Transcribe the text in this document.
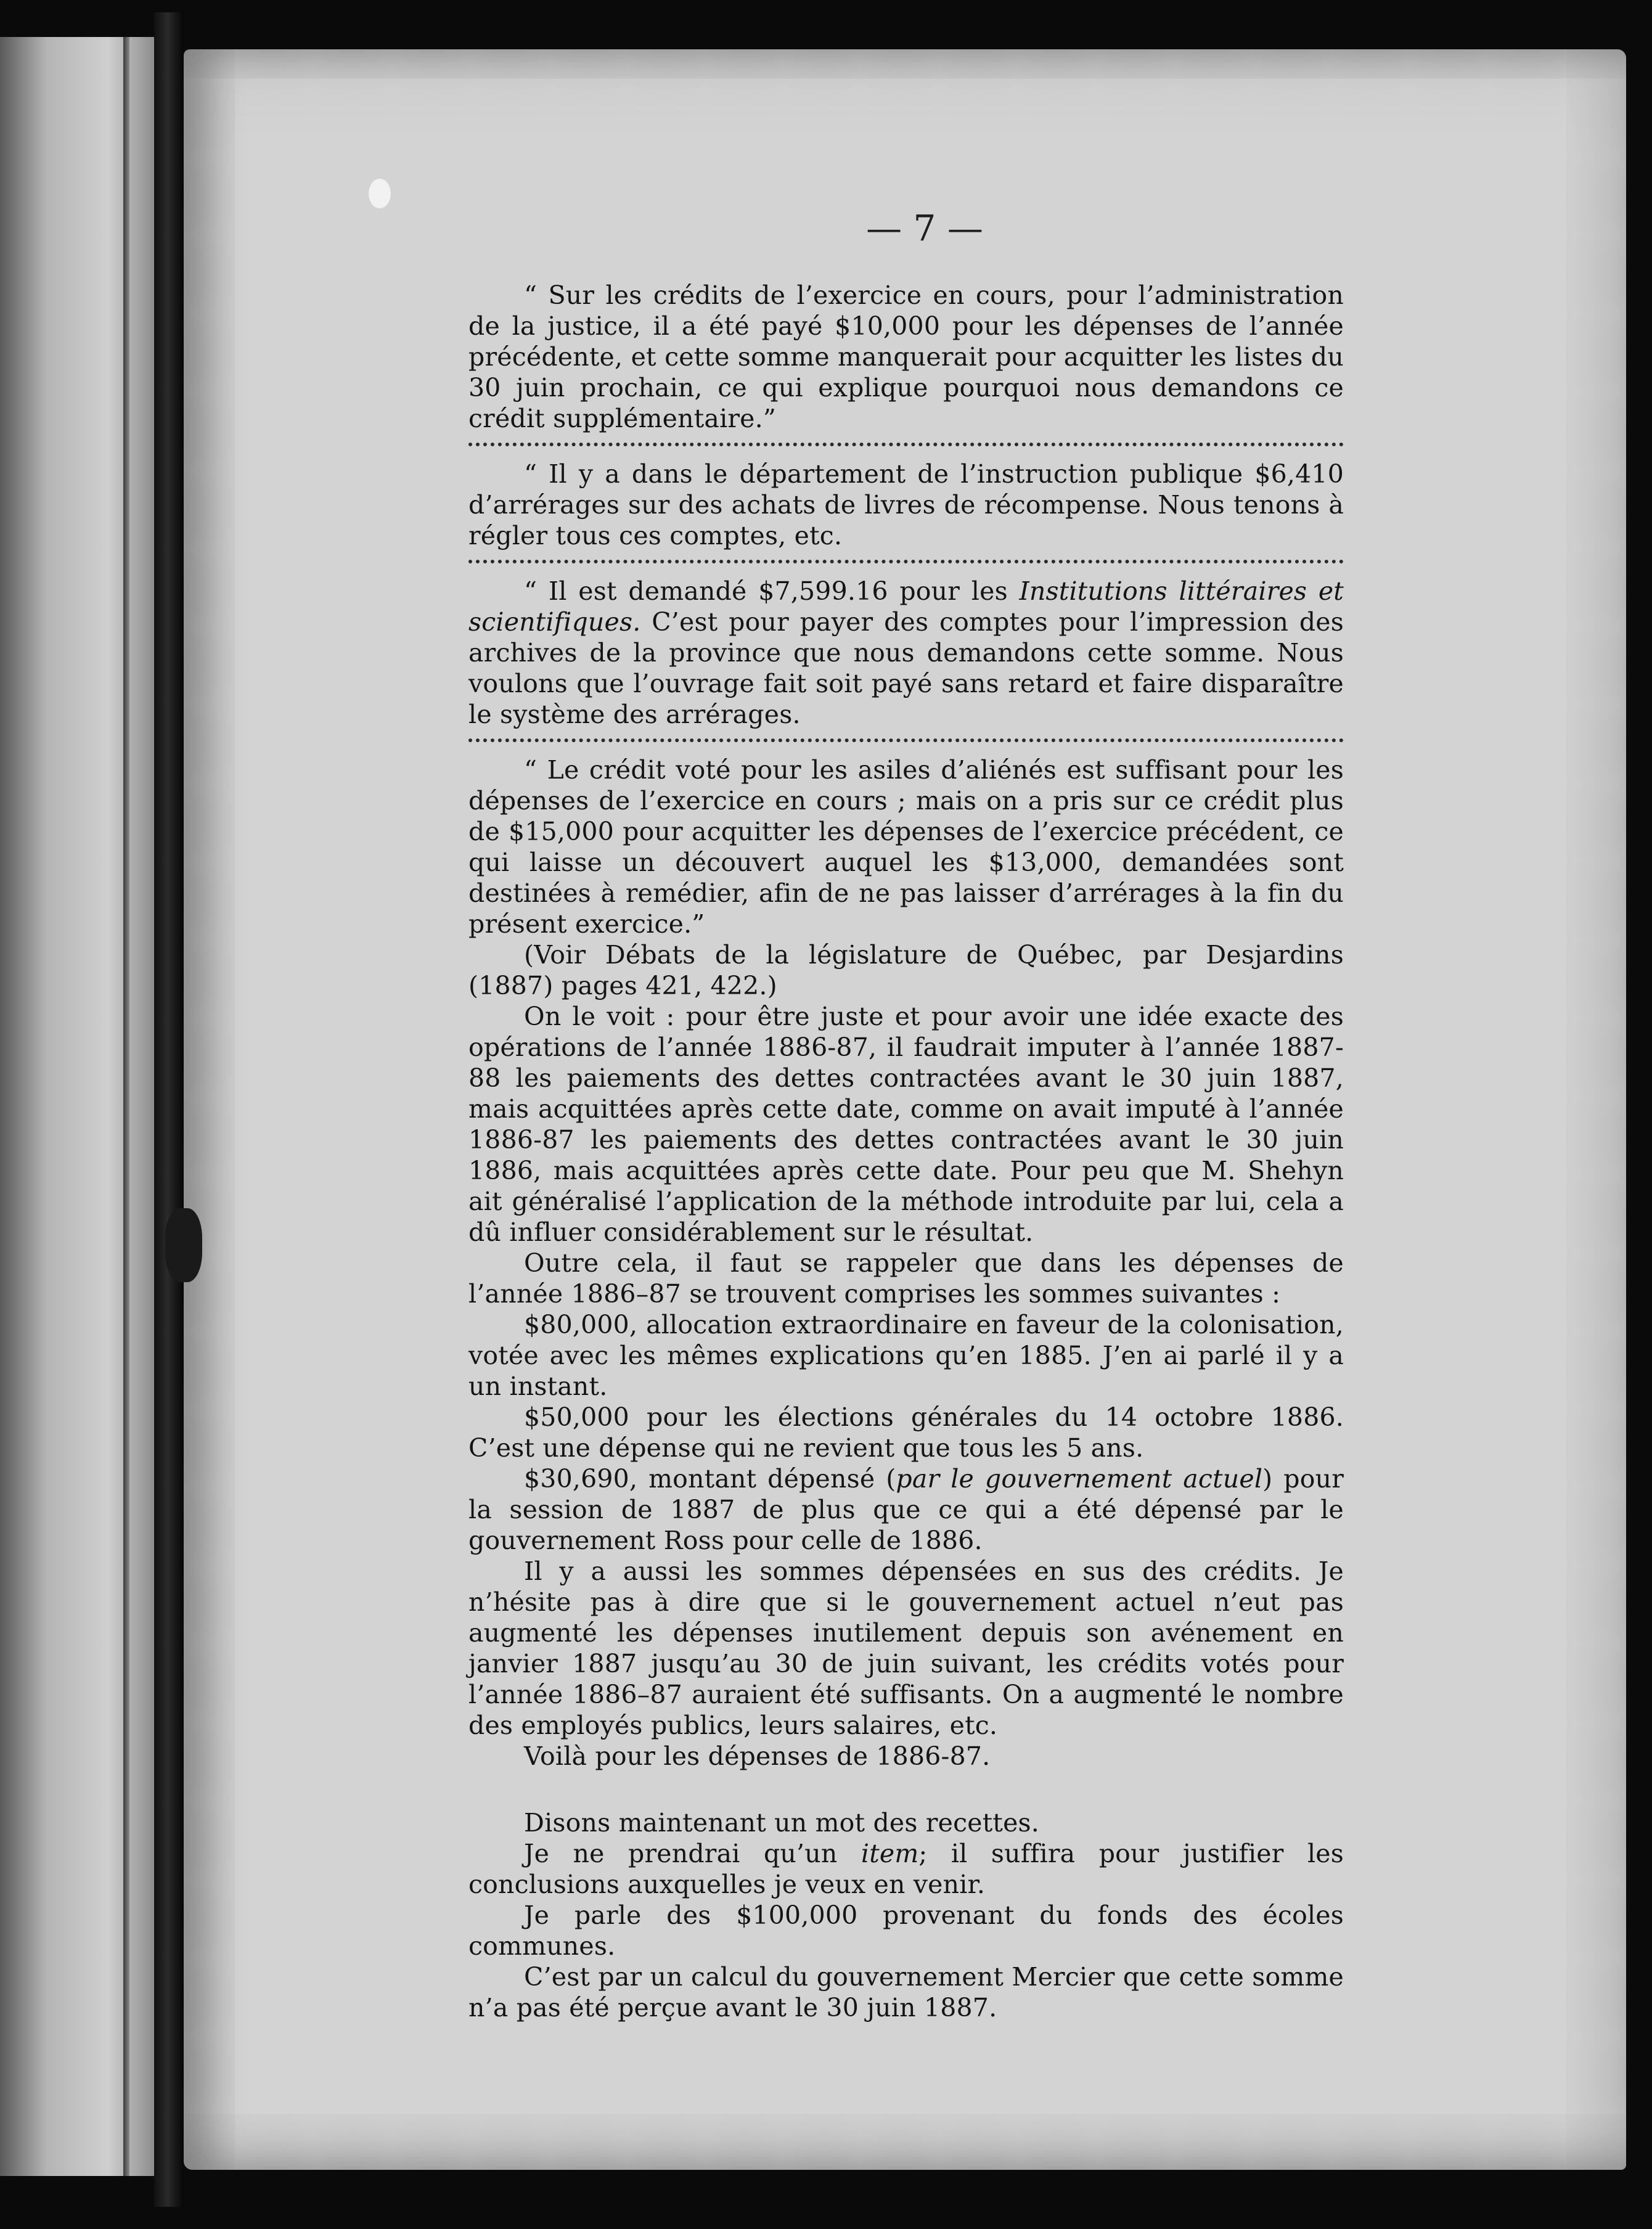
— 7 —

“ Sur les crédits de l’exercice en cours, pour l’administration de la justice, il a été payé $10,000 pour les dépenses de l’année précédente, et cette somme manquerait pour acquitter les listes du 30 juin prochain, ce qui explique pourquoi nous demandons ce crédit supplémentaire.”

“ Il y a dans le département de l’instruction publique $6,410 d’arrérages sur des achats de livres de récompense. Nous tenons à régler tous ces comptes, etc.

“ Il est demandé $7,599.16 pour les Institutions littéraires et scientifiques. C’est pour payer des comptes pour l’impression des archives de la province que nous demandons cette somme. Nous voulons que l’ouvrage fait soit payé sans retard et faire disparaître le système des arrérages.

“ Le crédit voté pour les asiles d’aliénés est suffisant pour les dépenses de l’exercice en cours ; mais on a pris sur ce crédit plus de $15,000 pour acquitter les dépenses de l’exercice précédent, ce qui laisse un découvert auquel les $13,000, demandées sont destinées à remédier, afin de ne pas laisser d’arrérages à la fin du présent exercice.”

(Voir Débats de la législature de Québec, par Desjardins (1887) pages 421, 422.)

On le voit : pour être juste et pour avoir une idée exacte des opérations de l’année 1886-87, il faudrait imputer à l’année 1887-88 les paiements des dettes contractées avant le 30 juin 1887, mais acquittées après cette date, comme on avait imputé à l’année 1886-87 les paiements des dettes contractées avant le 30 juin 1886, mais acquittées après cette date. Pour peu que M. Shehyn ait généralisé l’application de la méthode introduite par lui, cela a dû influer considérablement sur le résultat.

Outre cela, il faut se rappeler que dans les dépenses de l’année 1886–87 se trouvent comprises les sommes suivantes :

$80,000, allocation extraordinaire en faveur de la colonisation, votée avec les mêmes explications qu’en 1885. J’en ai parlé il y a un instant.

$50,000 pour les élections générales du 14 octobre 1886. C’est une dépense qui ne revient que tous les 5 ans.

$30,690, montant dépensé (par le gouvernement actuel) pour la session de 1887 de plus que ce qui a été dépensé par le gouvernement Ross pour celle de 1886.

Il y a aussi les sommes dépensées en sus des crédits. Je n’hésite pas à dire que si le gouvernement actuel n’eut pas augmenté les dépenses inutilement depuis son avénement en janvier 1887 jusqu’au 30 de juin suivant, les crédits votés pour l’année 1886–87 auraient été suffisants. On a augmenté le nombre des employés publics, leurs salaires, etc.

Voilà pour les dépenses de 1886-87.

Disons maintenant un mot des recettes.

Je ne prendrai qu’un item; il suffira pour justifier les conclusions auxquelles je veux en venir.

Je parle des $100,000 provenant du fonds des écoles communes.

C’est par un calcul du gouvernement Mercier que cette somme n’a pas été perçue avant le 30 juin 1887.
